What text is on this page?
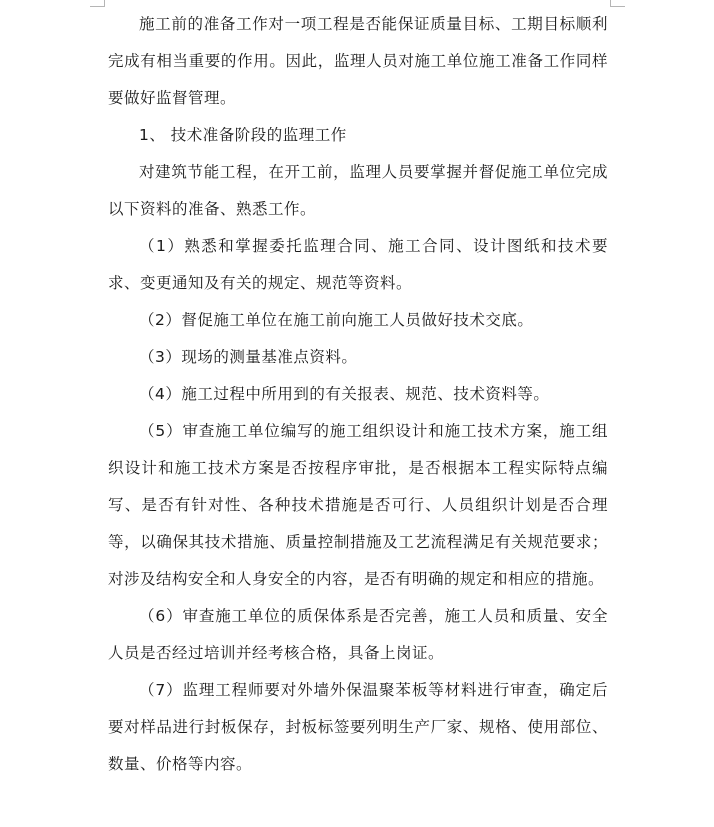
施工前的准备工作对一项工程是否能保证质量目标、工期目标顺利完成有相当重要的作用。因此，监理人员对施工单位施工准备工作同样要做好监督管理。

1、 技术准备阶段的监理工作

对建筑节能工程，在开工前，监理人员要掌握并督促施工单位完成以下资料的准备、熟悉工作。

（1）熟悉和掌握委托监理合同、施工合同、设计图纸和技术要求、变更通知及有关的规定、规范等资料。

（2）督促施工单位在施工前向施工人员做好技术交底。

（3）现场的测量基准点资料。

（4）施工过程中所用到的有关报表、规范、技术资料等。

（5）审查施工单位编写的施工组织设计和施工技术方案，施工组织设计和施工技术方案是否按程序审批，是否根据本工程实际特点编写、是否有针对性、各种技术措施是否可行、人员组织计划是否合理等，以确保其技术措施、质量控制措施及工艺流程满足有关规范要求；对涉及结构安全和人身安全的内容，是否有明确的规定和相应的措施。

（6）审查施工单位的质保体系是否完善，施工人员和质量、安全人员是否经过培训并经考核合格，具备上岗证。

（7）监理工程师要对外墙外保温聚苯板等材料进行审查，确定后要对样品进行封板保存，封板标签要列明生产厂家、规格、使用部位、数量、价格等内容。
